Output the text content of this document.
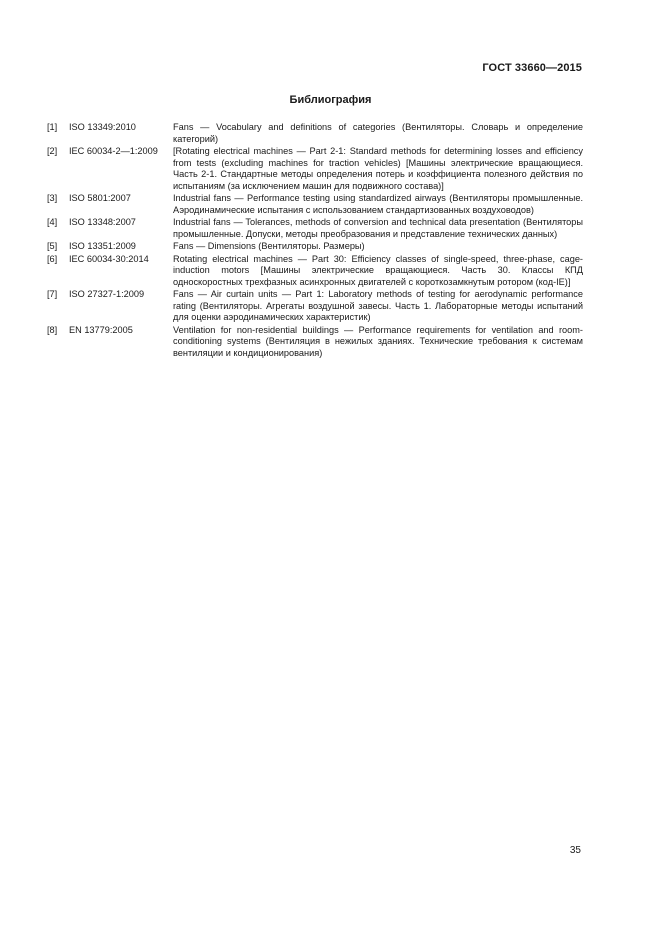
ГОСТ 33660—2015
Библиография
[1]	ISO 13349:2010	Fans — Vocabulary and definitions of categories (Вентиляторы. Словарь и определение категорий)
[2]	IEC 60034-2—1:2009	[Rotating electrical machines — Part 2-1: Standard methods for determining losses and efficiency from tests (excluding machines for traction vehicles) [Машины электрические вращающиеся. Часть 2-1. Стандартные методы определения потерь и коэффициента полезного действия по испытаниям (за исключением машин для подвижного состава)]
[3]	ISO 5801:2007	Industrial fans — Performance testing using standardized airways (Вентиляторы промышленные. Аэродинамические испытания с использованием стандартизованных воздуховодов)
[4]	ISO 13348:2007	Industrial fans — Tolerances, methods of conversion and technical data presentation (Вентиляторы промышленные. Допуски, методы преобразования и представление технических данных)
[5]	ISO 13351:2009	Fans — Dimensions (Вентиляторы. Размеры)
[6]	IEC 60034-30:2014	Rotating electrical machines — Part 30: Efficiency classes of single-speed, three-phase, cage-induction motors [Машины электрические вращающиеся. Часть 30. Классы КПД односкоростных трехфазных асинхронных двигателей с короткозамкнутым ротором (код-IE)]
[7]	ISO 27327-1:2009	Fans — Air curtain units — Part 1: Laboratory methods of testing for aerodynamic performance rating (Вентиляторы. Агрегаты воздушной завесы. Часть 1. Лабораторные методы испытаний для оценки аэродинамических характеристик)
[8]	EN 13779:2005	Ventilation for non-residential buildings — Performance requirements for ventilation and room-conditioning systems (Вентиляция в нежилых зданиях. Технические требования к системам вентиляции и кондиционирования)
35
